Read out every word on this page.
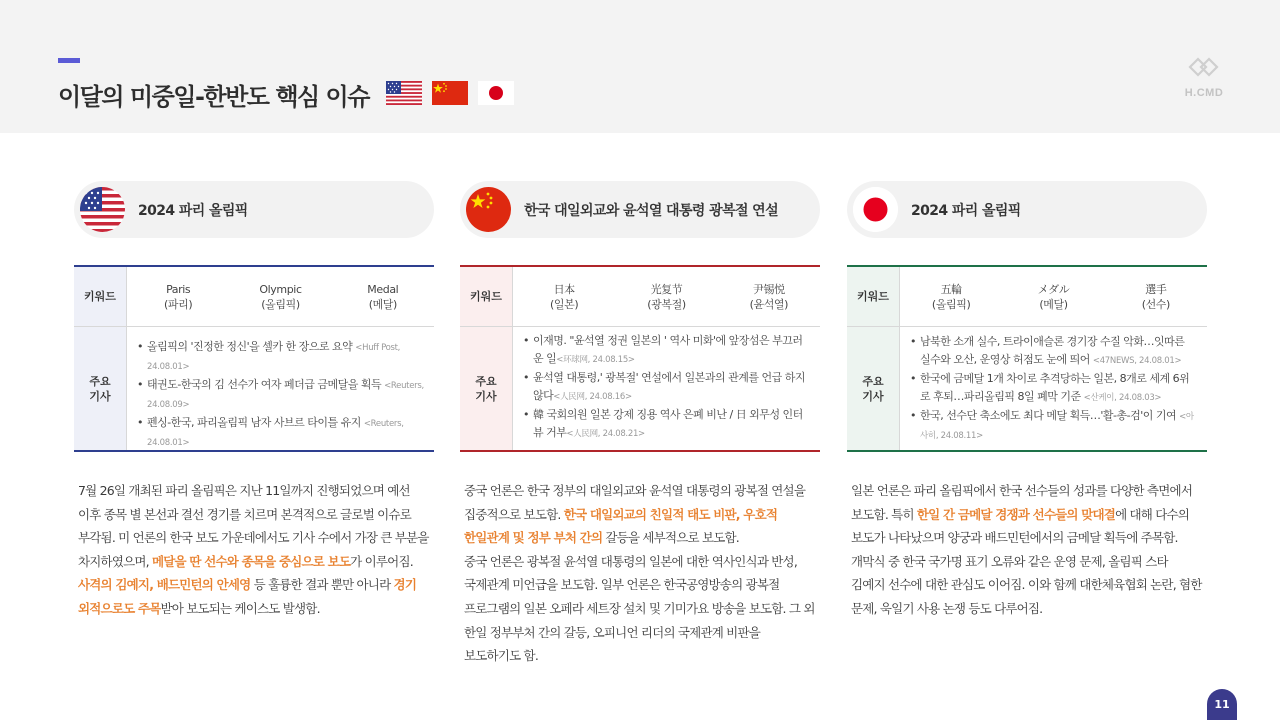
이달의 미중일-한반도 핵심 이슈	H.CMD
2024 파리 올림픽
키워드
Paris
(파리)
Olympic
(올림픽)
Medal
(메달)
주요
기사
• 올림픽의 '진정한 정신'을 셀카 한 장으로 요약 <Huff Post, 24.08.01>
• 태권도-한국의 김 선수가 여자 페더급 금메달을 획득 <Reuters, 24.08.09>
• 펜싱-한국, 파리올림픽 남자 사브르 타이틀 유지 <Reuters, 24.08.01>
7월 26일 개최된 파리 올림픽은 지난 11일까지 진행되었으며 예선 이후 종목 별 본선과 결선 경기를 치르며 본격적으로 글로벌 이슈로 부각됨. 미 언론의 한국 보도 가운데에서도 기사 수에서 가장 큰 부분을 차지하였으며, 메달을 딴 선수와 종목을 중심으로 보도가 이루어짐. 사격의 김예지, 배드민턴의 안세영 등 훌륭한 결과 뿐만 아니라 경기 외적으로도 주목받아 보도되는 케이스도 발생함.
한국 대일외교와 윤석열 대통령 광복절 연설
키워드
日本
(일본)
光复节
(광복절)
尹锡悦
(윤석열)
주요
기사
• 이재명. "윤석열 정권 일본의 ' 역사 미화'에 앞장섬은 부끄러운 일<环球网, 24.08.15>
• 윤석열 대통령,' 광복절' 연설에서 일본과의 관계를 언급 하지 않다<人民网, 24.08.16>
• 韓 국회의원 일본 강제 징용 역사 은폐 비난 / 日 외무성 인터뷰 거부<人民网, 24.08.21>
중국 언론은 한국 정부의 대일외교와 윤석열 대통령의 광복절 연설을 집중적으로 보도함. 한국 대일외교의 친일적 태도 비판, 우호적 한일관계 및 정부 부처 간의 갈등을 세부적으로 보도함.
중국 언론은 광복절 윤석열 대통령의 일본에 대한 역사인식과 반성, 국제관계 미언급을 보도함. 일부 언론은 한국공영방송의 광복절 프로그램의 일본 오페라 세트장 설치 및 기미가요 방송을 보도함. 그 외 한일 정부부처 간의 갈등, 오피니언 리더의 국제관계 비판을 보도하기도 함.
2024 파리 올림픽
키워드
五輪
(올림픽)
メダル
(메달)
選手
(선수)
주요
기사
• 남북한 소개 실수, 트라이애슬론 경기장 수질 악화…잇따른 실수와 오산, 운영상 허점도 눈에 띄어 <47NEWS, 24.08.01>
• 한국에 금메달 1개 차이로 추격당하는 일본, 8개로 세계 6위로 후퇴…파리올림픽 8일 폐막 기준 <산케이, 24.08.03>
• 한국, 선수단 축소에도 최다 메달 획득…'활-총-검'이 기여 <아사히, 24.08.11>
일본 언론은 파리 올림픽에서 한국 선수들의 성과를 다양한 측면에서 보도함. 특히 한일 간 금메달 경쟁과 선수들의 맞대결에 대해 다수의 보도가 나타났으며 양궁과 배드민턴에서의 금메달 획득에 주목함. 개막식 중 한국 국가명 표기 오류와 같은 운영 문제, 올림픽 스타 김예지 선수에 대한 관심도 이어짐. 이와 함께 대한체육협회 논란, 혐한 문제, 욱일기 사용 논쟁 등도 다루어짐.
11
